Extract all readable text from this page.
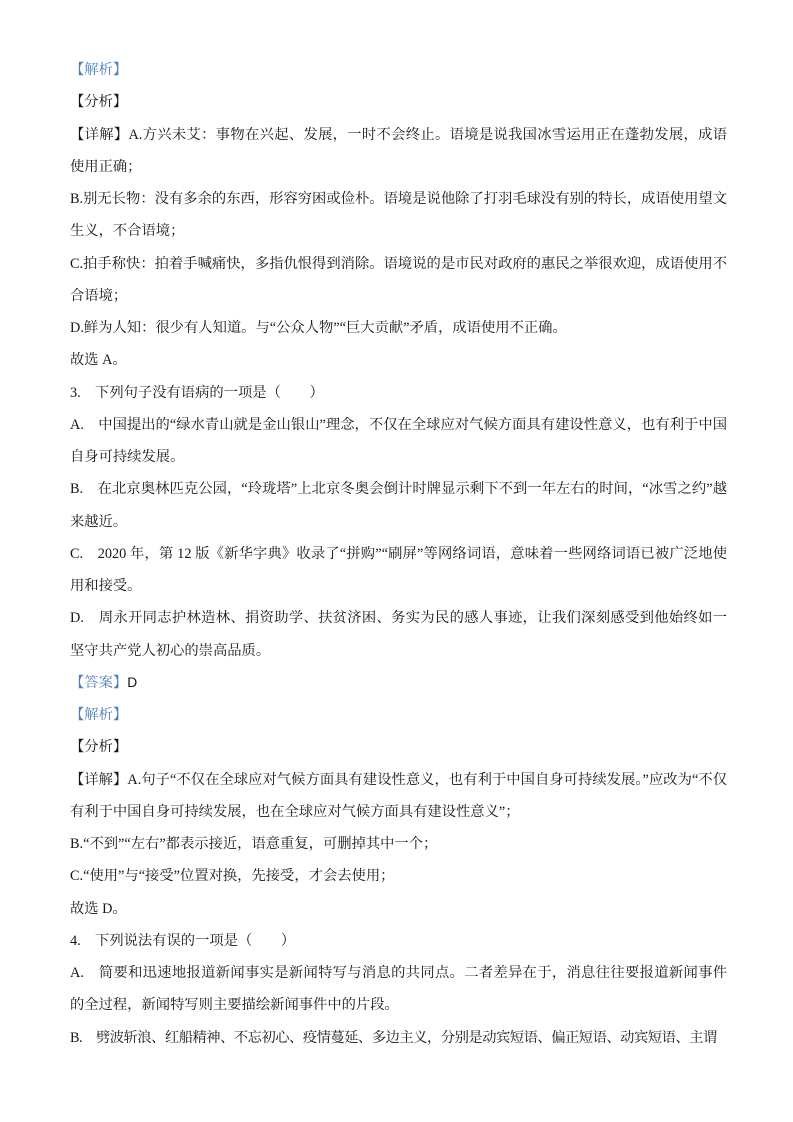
【解析】

【分析】

【详解】A.方兴未艾：事物在兴起、发展，一时不会终止。语境是说我国冰雪运用正在蓬勃发展，成语使用正确；

B.别无长物：没有多余的东西，形容穷困或俭朴。语境是说他除了打羽毛球没有别的特长，成语使用望文生义，不合语境；

C.拍手称快：拍着手喊痛快，多指仇恨得到消除。语境说的是市民对政府的惠民之举很欢迎，成语使用不合语境；

D.鲜为人知：很少有人知道。与“公众人物”“巨大贡献”矛盾，成语使用不正确。

故选 A。

3.　下列句子没有语病的一项是（　　）

A.　中国提出的“绿水青山就是金山银山”理念，不仅在全球应对气候方面具有建设性意义，也有利于中国自身可持续发展。

B.　在北京奥林匹克公园，“玲珑塔”上北京冬奥会倒计时牌显示剩下不到一年左右的时间，“冰雪之约”越来越近。

C.　2020 年，第 12 版《新华字典》收录了“拼购”“刷屏”等网络词语，意味着一些网络词语已被广泛地使用和接受。

D.　周永开同志护林造林、捐资助学、扶贫济困、务实为民的感人事迹，让我们深刻感受到他始终如一坚守共产党人初心的崇高品质。

【答案】D

【解析】

【分析】

【详解】A.句子“不仅在全球应对气候方面具有建设性意义，也有利于中国自身可持续发展。”应改为“不仅有利于中国自身可持续发展，也在全球应对气候方面具有建设性意义”；

B.“不到”“左右”都表示接近，语意重复，可删掉其中一个；

C.“使用”与“接受”位置对换，先接受，才会去使用；

故选 D。

4.　下列说法有误的一项是（　　）

A.　简要和迅速地报道新闻事实是新闻特写与消息的共同点。二者差异在于，消息往往要报道新闻事件的全过程，新闻特写则主要描绘新闻事件中的片段。

B.　劈波斩浪、红船精神、不忘初心、疫情蔓延、多边主义，分别是动宾短语、偏正短语、动宾短语、主谓
